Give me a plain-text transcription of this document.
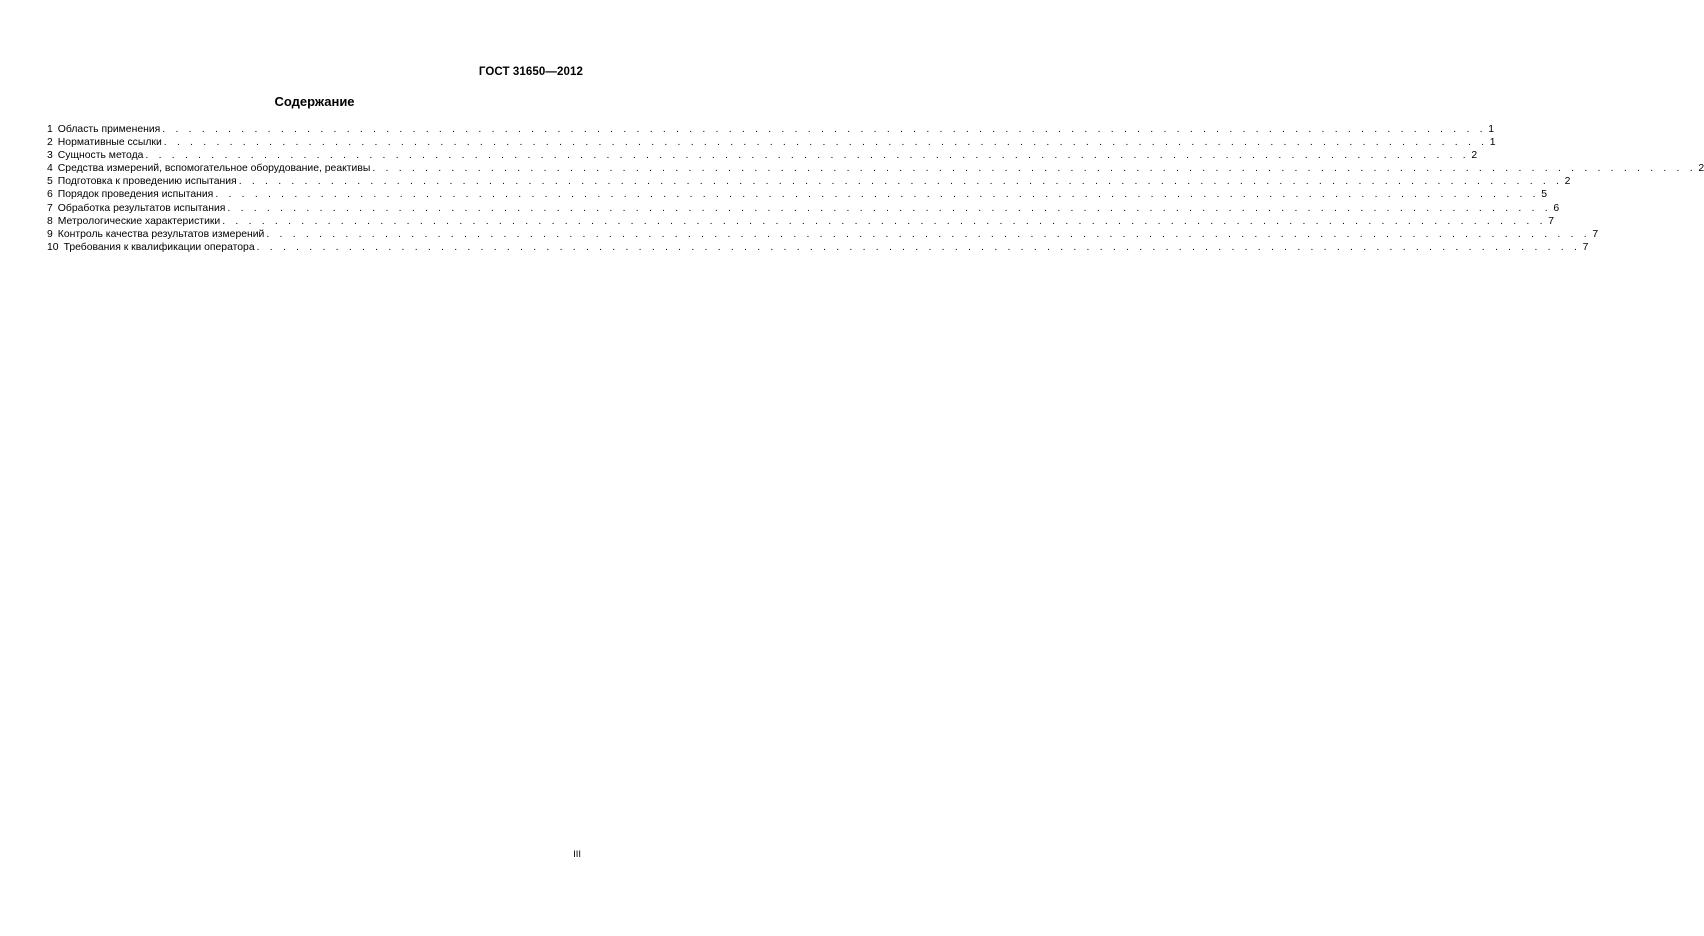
ГОСТ 31650—2012
Содержание
1 Область применения . . . . . . . . . . . . . . . . . . . . . . . . . . . . . . . . . . . . . . . . . . . . . . . . . . . . . . . . . . . . . . . . . . . . . . . . . . . . . . . . . . . . . . . . . . . . . . . . . . . . . 1
2 Нормативные ссылки . . . . . . . . . . . . . . . . . . . . . . . . . . . . . . . . . . . . . . . . . . . . . . . . . . . . . . . . . . . . . . . . . . . . . . . . . . . . . . . . . . . . . . . . . . . . . . . . . . . . . 1
3 Сущность метода . . . . . . . . . . . . . . . . . . . . . . . . . . . . . . . . . . . . . . . . . . . . . . . . . . . . . . . . . . . . . . . . . . . . . . . . . . . . . . . . . . . . . . . . . . . . . . . . . . . . . 2
4 Средства измерений, вспомогательное оборудование, реактивы . . . . . . . . . . . . . . . . . . . . . . . . . . . . . . . . . . . . . . . . . . . . . . . . . . . . . . . . . . . . . . . . . . . . . . . . . . . . . . . . . . . . . . . . . . . . . . . . . . . . . 2
5 Подготовка к проведению испытания . . . . . . . . . . . . . . . . . . . . . . . . . . . . . . . . . . . . . . . . . . . . . . . . . . . . . . . . . . . . . . . . . . . . . . . . . . . . . . . . . . . . . . . . . . . . . . . . . . . . . 2
6 Порядок проведения испытания . . . . . . . . . . . . . . . . . . . . . . . . . . . . . . . . . . . . . . . . . . . . . . . . . . . . . . . . . . . . . . . . . . . . . . . . . . . . . . . . . . . . . . . . . . . . . . . . . . . . . 5
7 Обработка результатов испытания . . . . . . . . . . . . . . . . . . . . . . . . . . . . . . . . . . . . . . . . . . . . . . . . . . . . . . . . . . . . . . . . . . . . . . . . . . . . . . . . . . . . . . . . . . . . . . . . . . . . . 6
8 Метрологические характеристики . . . . . . . . . . . . . . . . . . . . . . . . . . . . . . . . . . . . . . . . . . . . . . . . . . . . . . . . . . . . . . . . . . . . . . . . . . . . . . . . . . . . . . . . . . . . . . . . . . . . . 7
9 Контроль качества результатов измерений . . . . . . . . . . . . . . . . . . . . . . . . . . . . . . . . . . . . . . . . . . . . . . . . . . . . . . . . . . . . . . . . . . . . . . . . . . . . . . . . . . . . . . . . . . . . . . . . . . . . . 7
10 Требования к квалификации оператора . . . . . . . . . . . . . . . . . . . . . . . . . . . . . . . . . . . . . . . . . . . . . . . . . . . . . . . . . . . . . . . . . . . . . . . . . . . . . . . . . . . . . . . . . . . . . . . . . . . . . 7
III
